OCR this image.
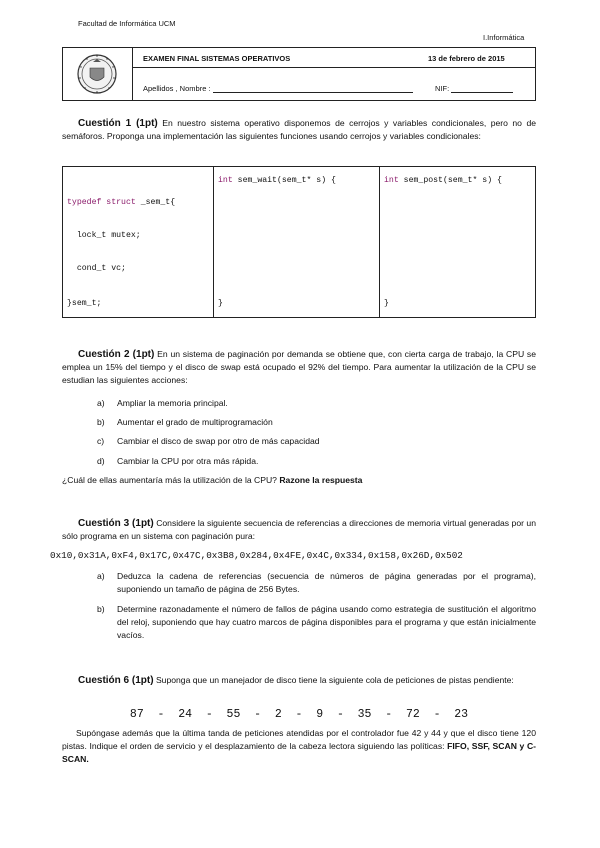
Facultad de Informática UCM
I.Informática
EXAMEN FINAL SISTEMAS OPERATIVOS	13 de febrero de 2015
Apellidos , Nombre :	NIF:
Cuestión 1 (1pt) En nuestro sistema operativo disponemos de cerrojos y variables condicionales, pero no de semáforos. Proponga una implementación las siguientes funciones usando cerrojos y variables condicionales:

typedef struct _sem_t{

lock_t mutex;

cond_t vc;

}sem_t;
int sem_wait(sem_t* s) {
}
int sem_post(sem_t* s) {
}
Cuestión 2 (1pt) En un sistema de paginación por demanda se obtiene que, con cierta carga de trabajo, la CPU se emplea un 15% del tiempo y el disco de swap está ocupado el 92% del tiempo. Para aumentar la utilización de la CPU se estudian las siguientes acciones:
a) Ampliar la memoria principal.
b) Aumentar el grado de multiprogramación
c) Cambiar el disco de swap por otro de más capacidad
d) Cambiar la CPU por otra más rápida.
¿Cuál de ellas aumentaría más la utilización de la CPU? Razone la respuesta
Cuestión 3 (1pt) Considere la siguiente secuencia de referencias a direcciones de memoria virtual generadas por un sólo programa en un sistema con paginación pura:
0x10,0x31A,0xF4,0x17C,0x47C,0x3B8,0x284,0x4FE,0x4C,0x334,0x158,0x26D,0x502
a) Deduzca la cadena de referencias (secuencia de números de página generadas por el programa), suponiendo un tamaño de página de 256 Bytes.
b) Determine razonadamente el número de fallos de página usando como estrategia de sustitución el algoritmo del reloj, suponiendo que hay cuatro marcos de página disponibles para el programa y que están inicialmente vacíos.
Cuestión 6 (1pt) Suponga que un manejador de disco tiene la siguiente cola de peticiones de pistas pendiente:
87  -  24  -  55  -  2  -  9  -  35  -  72  -  23
Supóngase además que la última tanda de peticiones atendidas por el controlador fue 42 y 44 y que el disco tiene 120 pistas. Indique el orden de servicio y el desplazamiento de la cabeza lectora siguiendo las políticas: FIFO, SSF, SCAN y C-SCAN.
